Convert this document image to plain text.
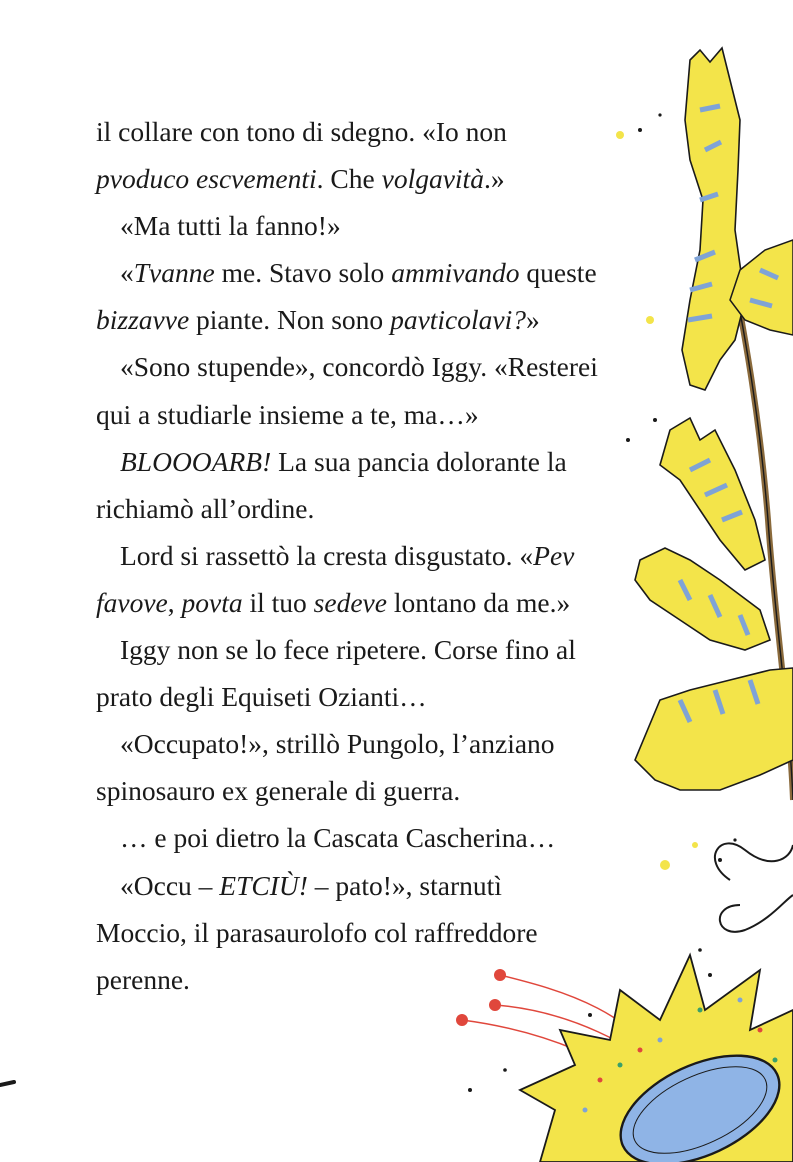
il collare con tono di sdegno. «Io non
pvoduco escvementi. Che volgavità.»
«Ma tutti la fanno!»
«Tvanne me. Stavo solo ammivando queste
bizzavve piante. Non sono pavticolavi?»
«Sono stupende», concordò Iggy. «Resterei
qui a studiarle insieme a te, ma…»
BLOOOARB! La sua pancia dolorante la
richiamò all’ordine.
Lord si rassettò la cresta disgustato. «Pev
favove, povta il tuo sedeve lontano da me.»
Iggy non se lo fece ripetere. Corse fino al
prato degli Equiseti Ozianti…
«Occupato!», strillò Pungolo, l’anziano
spinosauro ex generale di guerra.
… e poi dietro la Cascata Cascherina…
«Occu – ETCIÙ! – pato!», starnutì
Moccio, il parasaurolofo col raffreddore
perenne.
